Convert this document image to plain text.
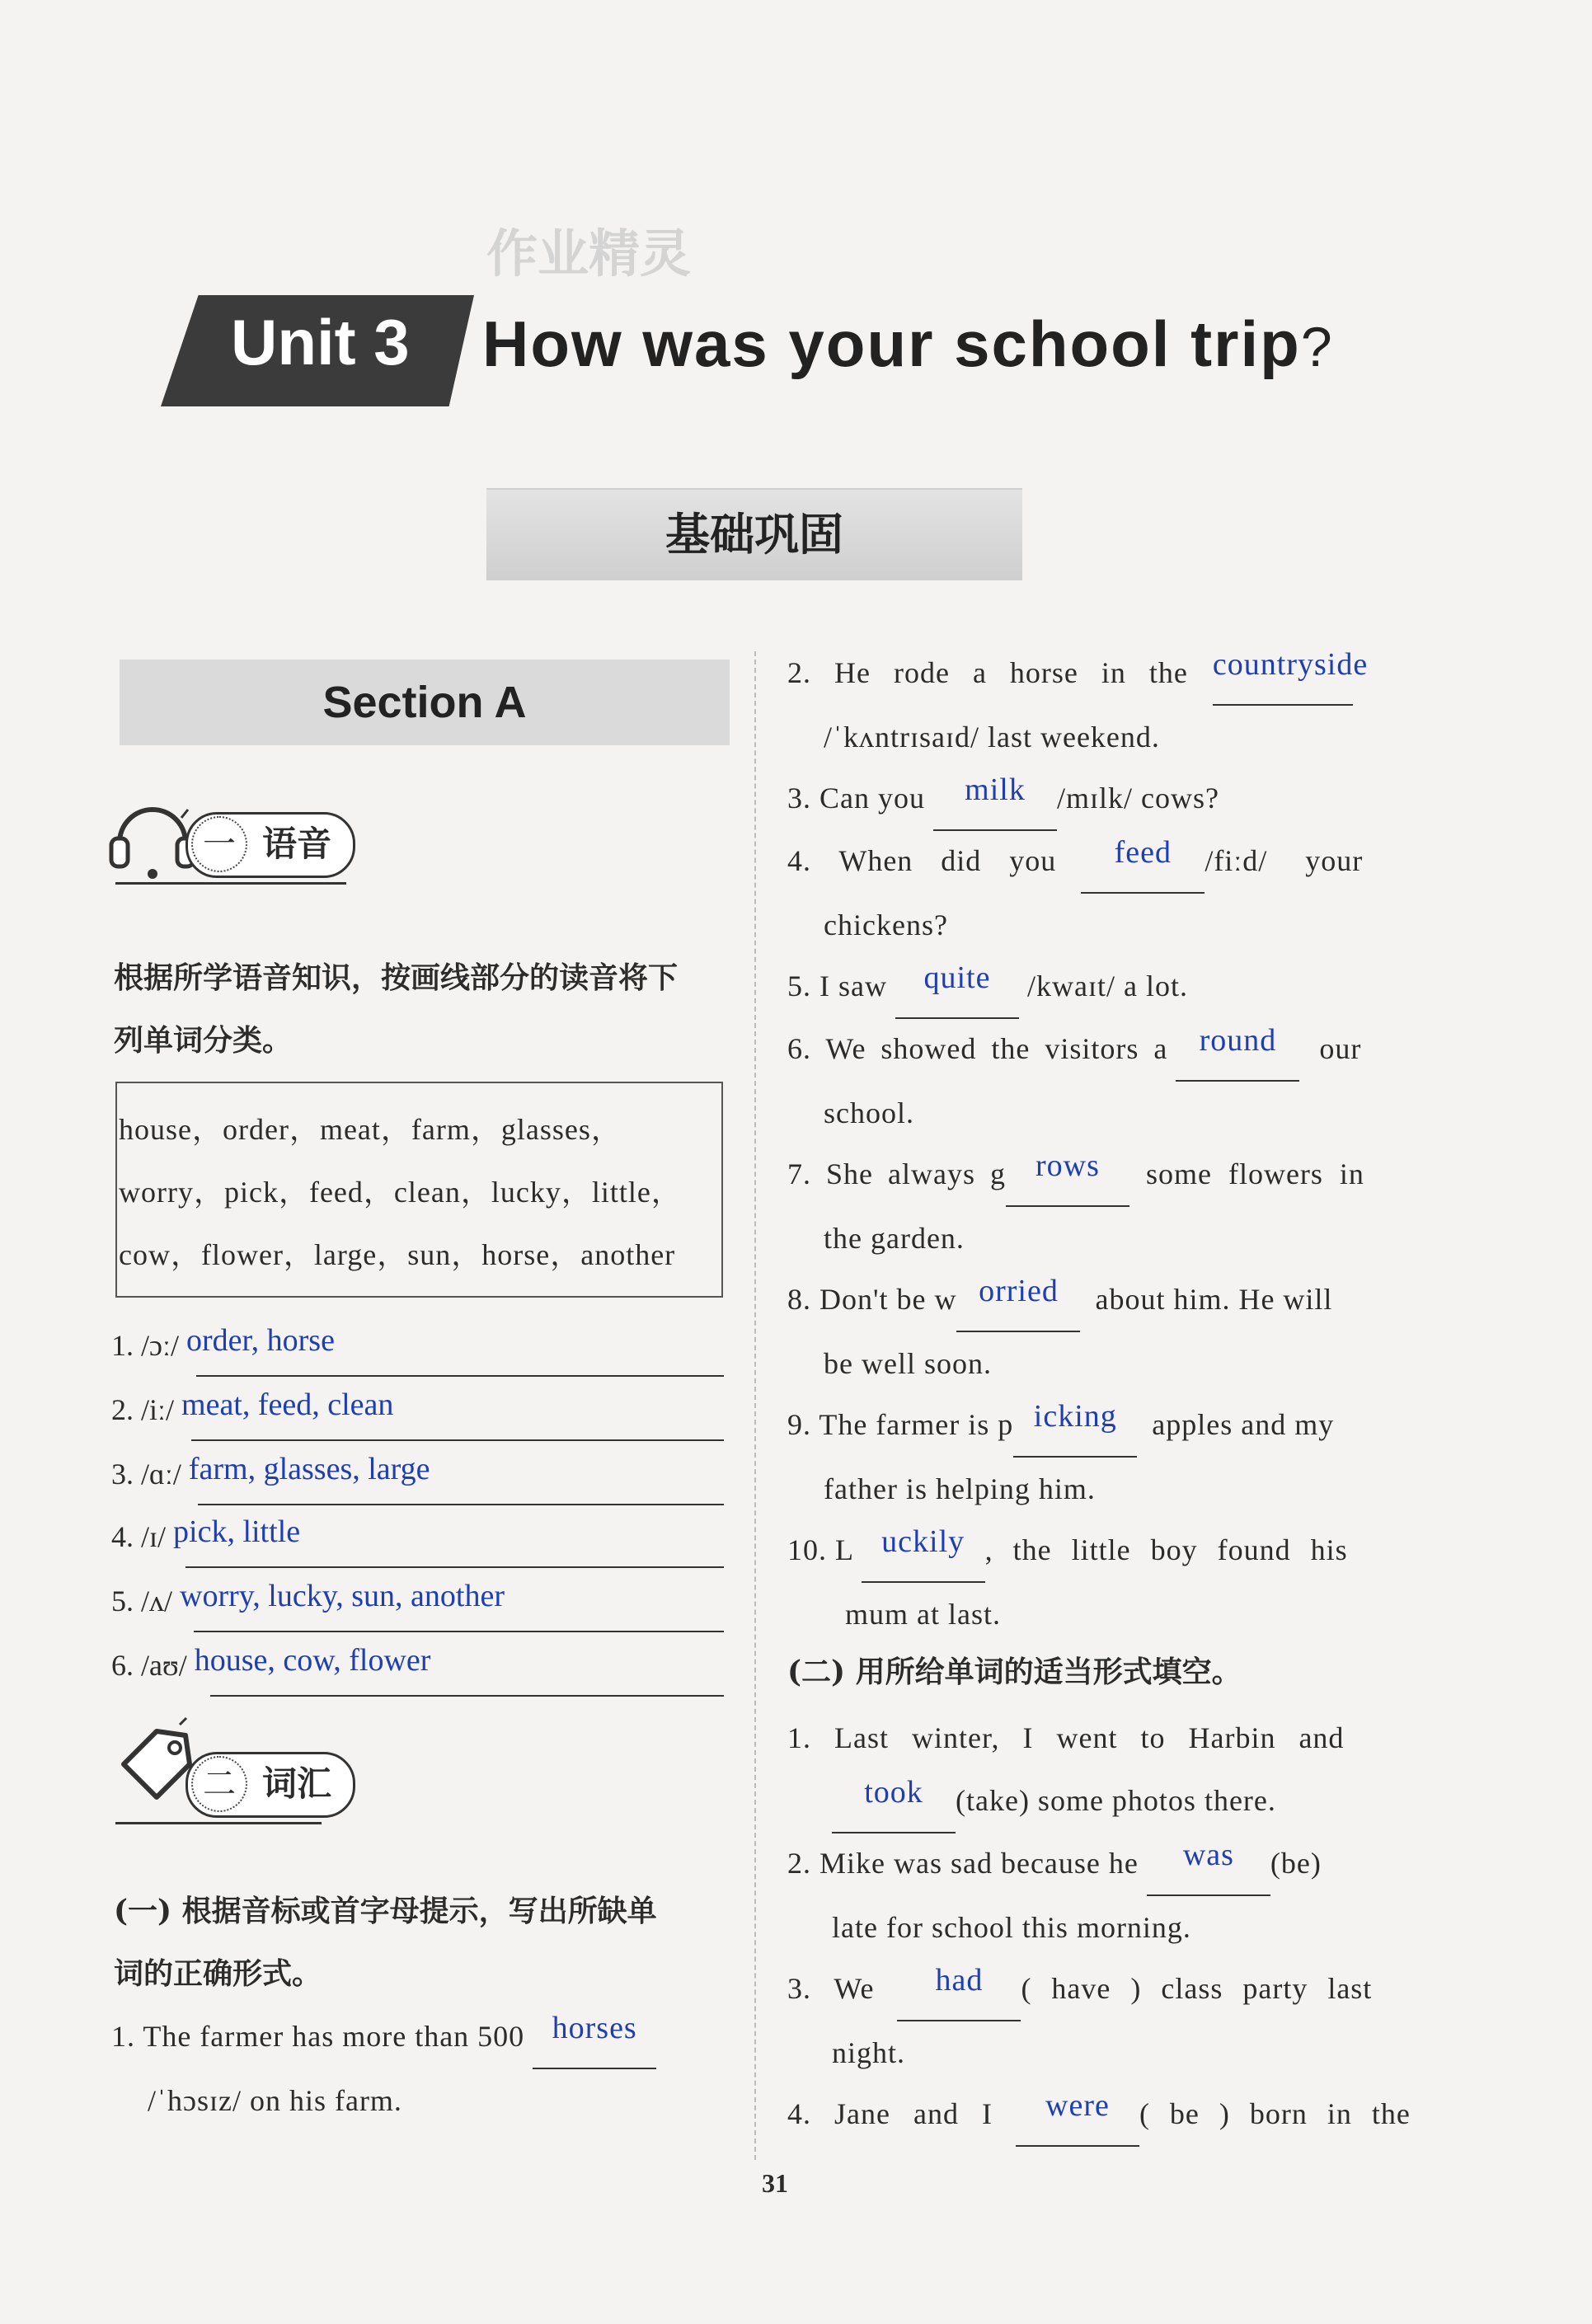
作业精灵
Unit 3 How was your school trip?
基础巩固
Section A
一 语音
根据所学语音知识，按画线部分的读音将下
列单词分类。
house，order，meat，farm，glasses，
worry，pick，feed，clean，lucky，little，
cow，flower，large，sun，horse，another
1. /ɔː/ order, horse
2. /iː/ meat, feed, clean
3. /ɑː/ farm, glasses, large
4. /ɪ/ pick, little
5. /ʌ/ worry, lucky, sun, another
6. /aʊ/ house, cow, flower
二 词汇
(一) 根据音标或首字母提示，写出所缺单
词的正确形式。
1. The farmer has more than 500 horses
/ˈhɔsɪz/ on his farm.
2. He rode a horse in the countryside
/ˈkʌntrɪsaɪd/ last weekend.
3. Can you milk /mɪlk/ cows?
4. When did you feed /fiːd/ your
chickens?
5. I saw quite /kwaɪt/ a lot.
6. We showed the visitors a round our
school.
7. She always g rows some flowers in
the garden.
8. Don't be w orried about him. He will
be well soon.
9. The farmer is p icking apples and my
father is helping him.
10. L uckily , the little boy found his
mum at last.
(二) 用所给单词的适当形式填空。
1. Last winter, I went to Harbin and
took (take) some photos there.
2. Mike was sad because he was (be)
late for school this morning.
3. We had ( have ) class party last
night.
4. Jane and I were ( be ) born in the
31
